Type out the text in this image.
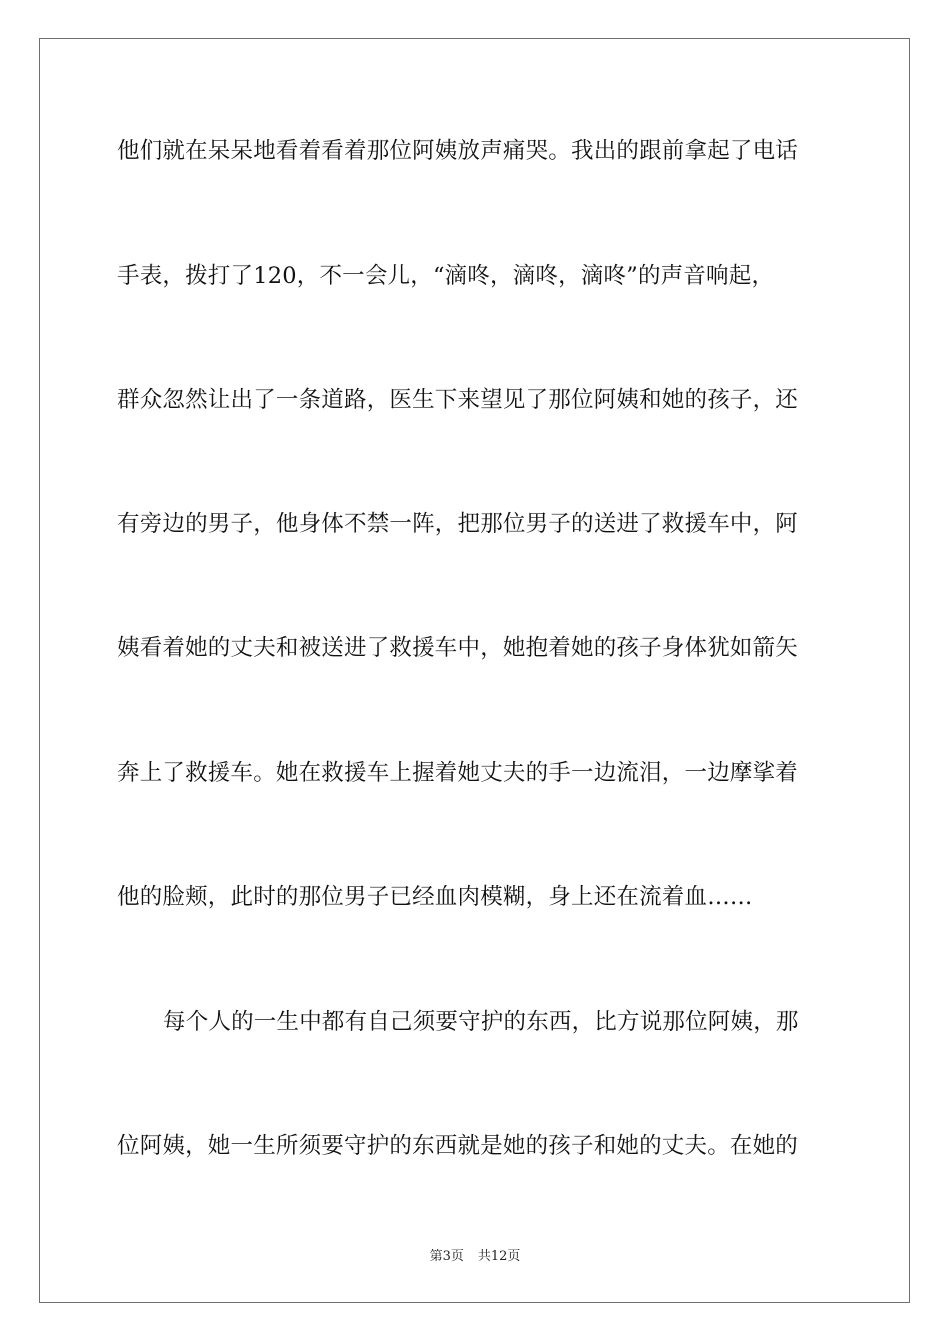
他们就在呆呆地看着看着那位阿姨放声痛哭。我出的跟前拿起了电话
手表，拨打了120，不一会儿，“滴咚，滴咚，滴咚”的声音响起，
群众忽然让出了一条道路，医生下来望见了那位阿姨和她的孩子，还
有旁边的男子，他身体不禁一阵，把那位男子的送进了救援车中，阿
姨看着她的丈夫和被送进了救援车中，她抱着她的孩子身体犹如箭矢
奔上了救援车。她在救援车上握着她丈夫的手一边流泪，一边摩挲着
他的脸颊，此时的那位男子已经血肉模糊，身上还在流着血……
每个人的一生中都有自己须要守护的东西，比方说那位阿姨，那
位阿姨，她一生所须要守护的东西就是她的孩子和她的丈夫。在她的
第3页 共12页
